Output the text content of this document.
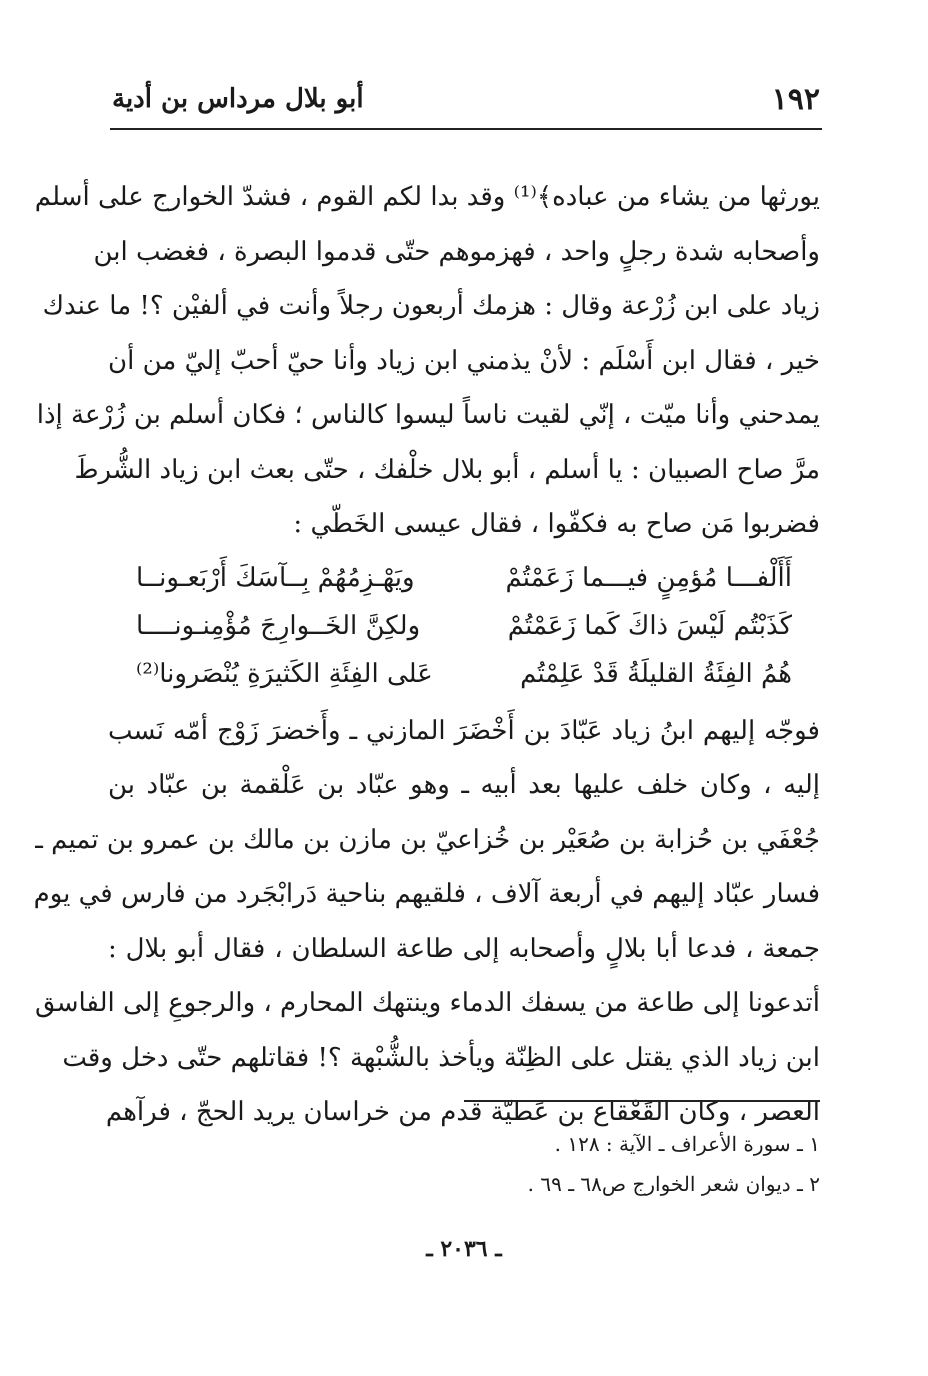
١٩٢
أبو بلال مرداس بن أدية
يورثها من يشاء من عباده﴾⁽¹⁾ وقد بدا لكم القوم ، فشدّ الخوارج على أسلم
وأصحابه شدة رجلٍ واحد ، فهزموهم حتّى قدموا البصرة ، فغضب ابن
زياد على ابن زُرْعة وقال : هزمك أربعون رجلاً وأنت في ألفيْن ؟! ما عندك
خير ، فقال ابن أَسْلَم : لأنْ يذمني ابن زياد وأنا حيّ أحبّ إليّ من أن
يمدحني وأنا ميّت ، إنّي لقيت ناساً ليسوا كالناس ؛ فكان أسلم بن زُرْعة إذا
مرَّ صاح الصبيان : يا أسلم ، أبو بلال خلْفك ، حتّى بعث ابن زياد الشُّرطَ
فضربوا مَن صاح به فكفّوا ، فقال عيسى الخَطّي :
أَأَلْفـــا مُؤمِنٍ فيـــما زَعَمْتُمْ
ويَهْـزِمُهُمْ بِــآسَكَ أَرْبَعـونــا
كَذَبْتُم لَيْسَ ذاكَ كَما زَعَمْتُمْ
ولكِنَّ الخَــوارِجَ مُؤْمِنـونــــا
هُمُ الفِئَةُ القليلَةُ قَدْ عَلِمْتُم
عَلى الفِئَةِ الكَثيرَةِ يُنْصَرونا⁽²⁾
فوجّه إليهم ابنُ زياد عَبّادَ بن أَخْضَرَ المازني ـ وأَخضرَ زَوْج أمّه نَسب
إليه ، وكان خلف عليها بعد أبيه ـ وهو عبّاد بن عَلْقمة بن عبّاد بن
جُعْفَي بن حُزابة بن صُعَيْر بن خُزاعيّ بن مازن بن مالك بن عمرو بن تميم ـ
فسار عبّاد إليهم في أربعة آلاف ، فلقيهم بناحية دَرابْجَرد من فارس في يوم
جمعة ، فدعا أبا بلالٍ وأصحابه إلى طاعة السلطان ، فقال أبو بلال :
أتدعونا إلى طاعة من يسفك الدماء وينتهك المحارم ، والرجوعِ إلى الفاسق
ابن زياد الذي يقتل على الظِنّة ويأخذ بالشُّبْهة ؟! فقاتلهم حتّى دخل وقت
العصر ، وكان القَعْقاع بن عَطيّة قدم من خراسان يريد الحجّ ، فرآهم
١ ـ سورة الأعراف ـ الآية : ١٢٨ .
٢ ـ ديوان شعر الخوارج ص٦٨ ـ ٦٩ .
ـ ٢٠٣٦ ـ
